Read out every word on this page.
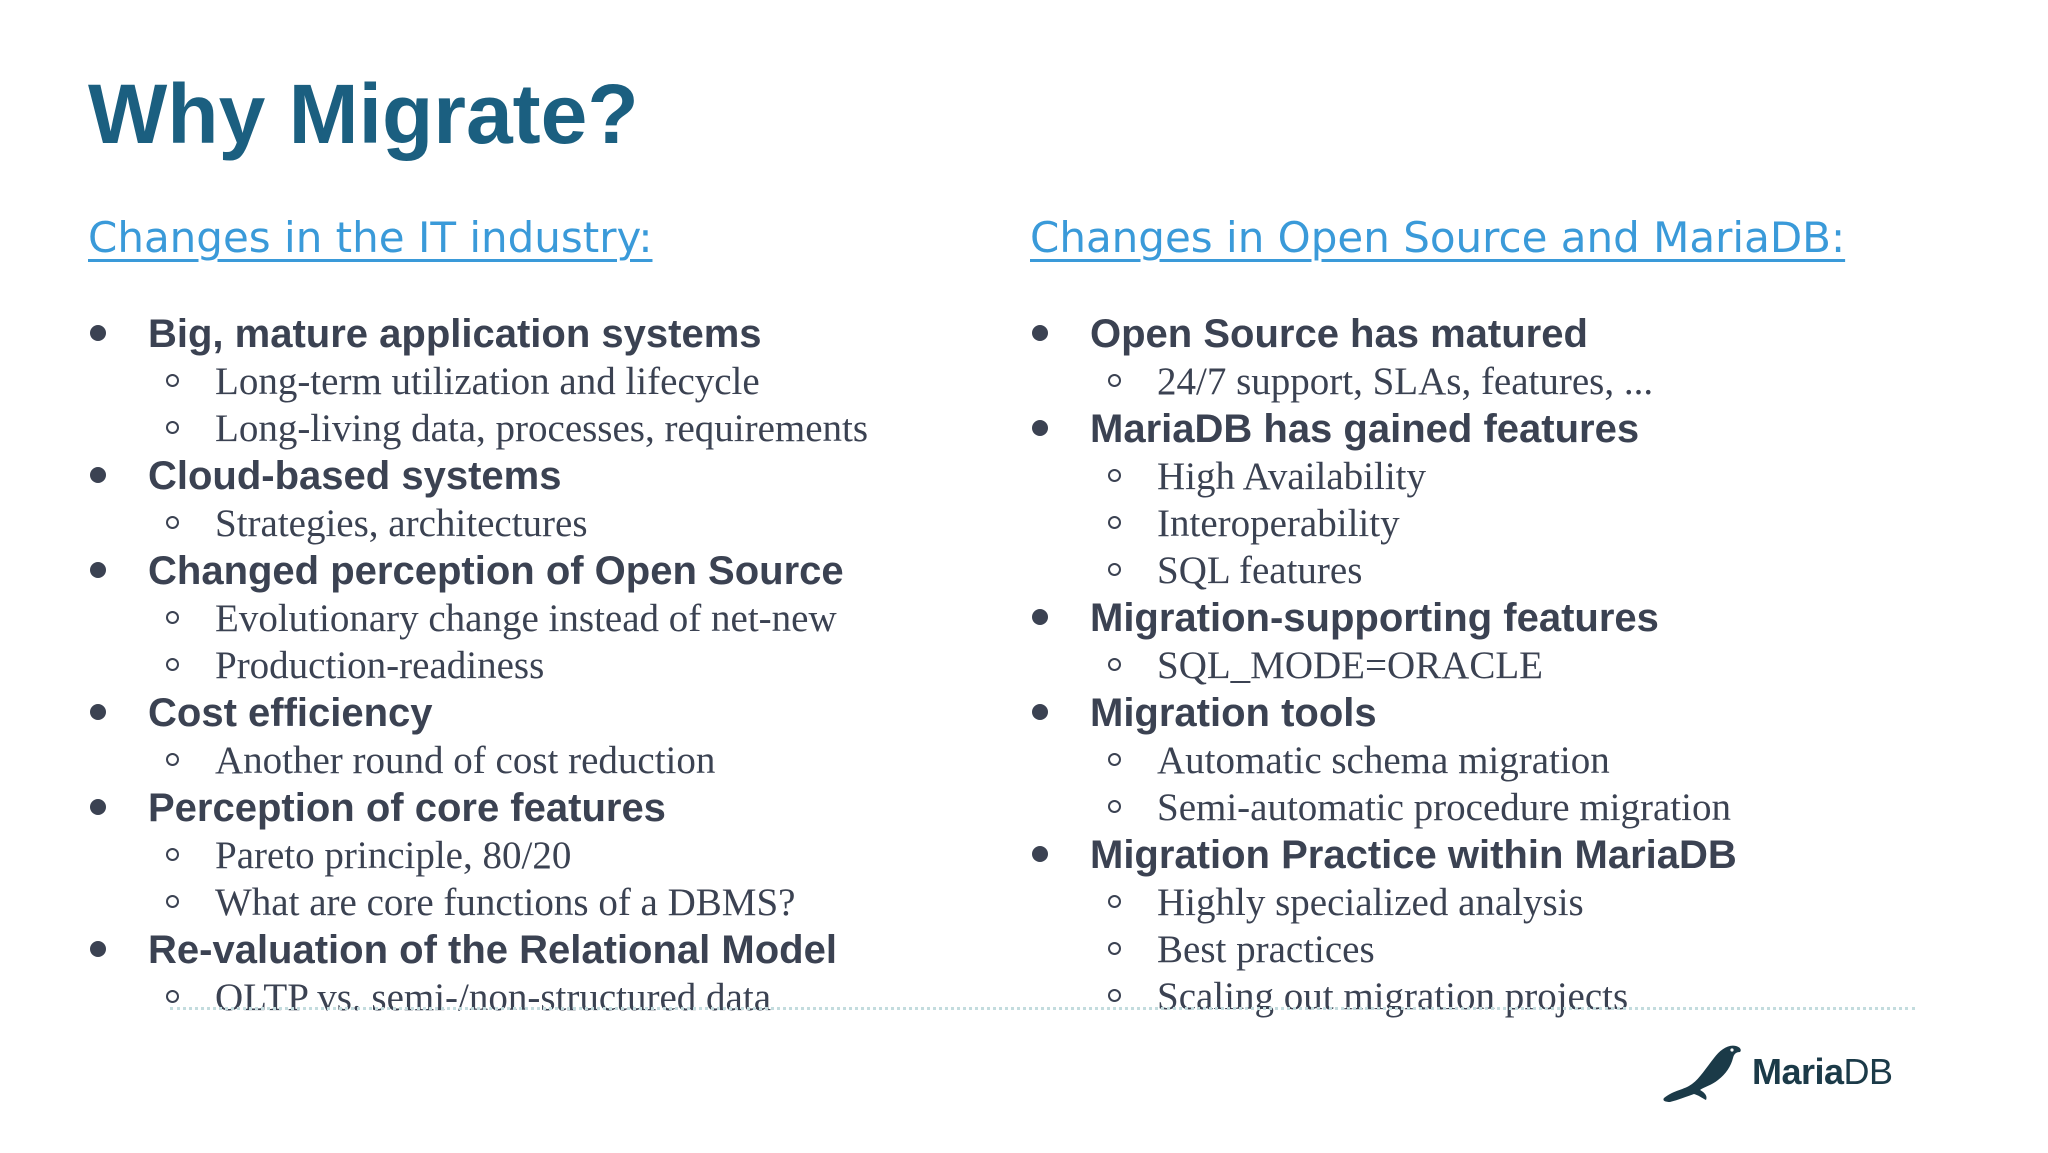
Why Migrate?
Changes in the IT industry:
Big, mature application systems
Long-term utilization and lifecycle
Long-living data, processes, requirements
Cloud-based systems
Strategies, architectures
Changed perception of Open Source
Evolutionary change instead of net-new
Production-readiness
Cost efficiency
Another round of cost reduction
Perception of core features
Pareto principle, 80/20
What are core functions of a DBMS?
Re-valuation of the Relational Model
OLTP vs. semi-/non-structured data
Changes in Open Source and MariaDB:
Open Source has matured
24/7 support, SLAs, features, ...
MariaDB has gained features
High Availability
Interoperability
SQL features
Migration-supporting features
SQL_MODE=ORACLE
Migration tools
Automatic schema migration
Semi-automatic procedure migration
Migration Practice within MariaDB
Highly specialized analysis
Best practices
Scaling out migration projects
MariaDB
